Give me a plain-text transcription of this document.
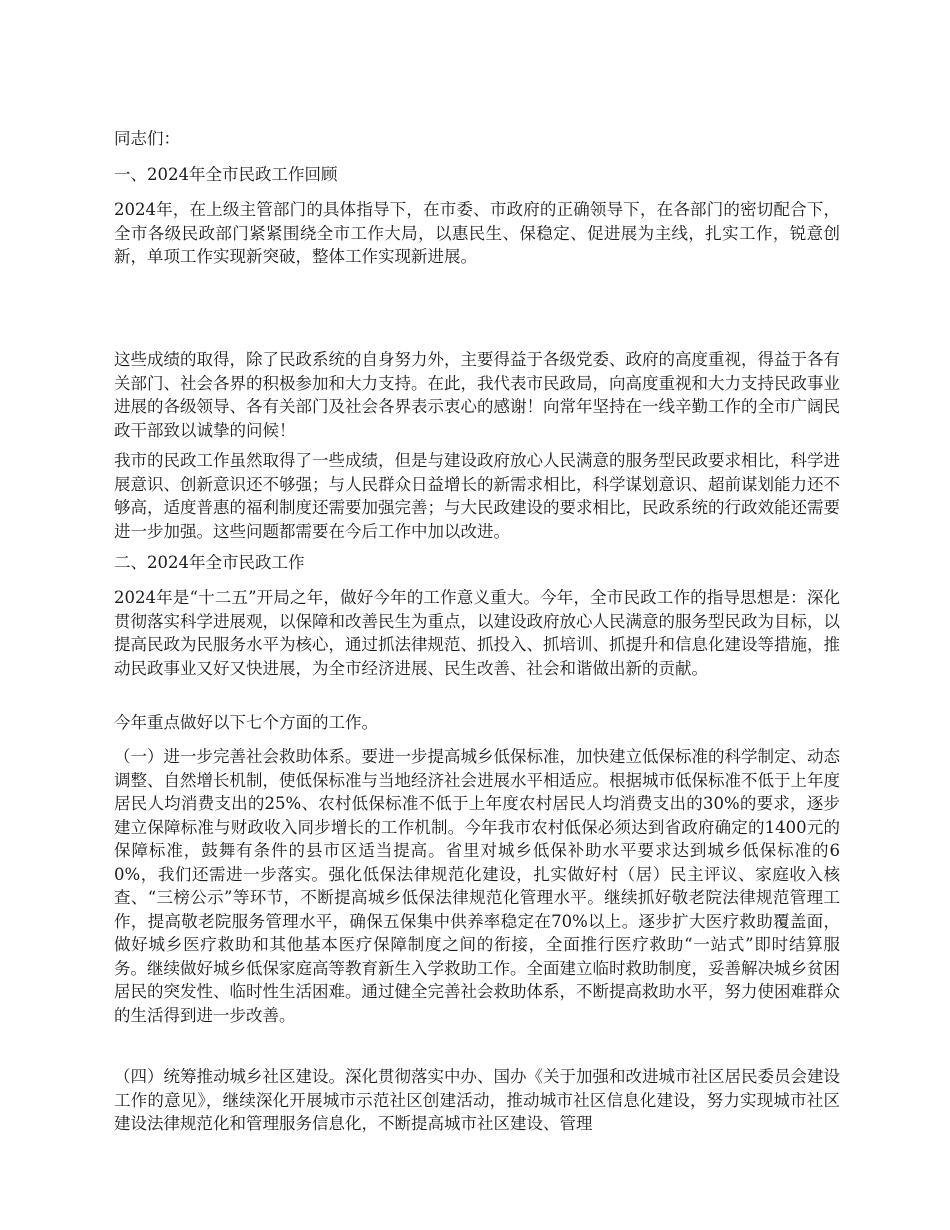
同志们：

一、2024年全市民政工作回顾

2024年，在上级主管部门的具体指导下，在市委、市政府的正确领导下，在各部门的密切配合下，全市各级民政部门紧紧围绕全市工作大局，以惠民生、保稳定、促进展为主线，扎实工作，锐意创新，单项工作实现新突破，整体工作实现新进展。

这些成绩的取得，除了民政系统的自身努力外，主要得益于各级党委、政府的高度重视，得益于各有关部门、社会各界的积极参加和大力支持。在此，我代表市民政局，向高度重视和大力支持民政事业进展的各级领导、各有关部门及社会各界表示衷心的感谢！向常年坚持在一线辛勤工作的全市广阔民政干部致以诚挚的问候！

我市的民政工作虽然取得了一些成绩，但是与建设政府放心人民满意的服务型民政要求相比，科学进展意识、创新意识还不够强；与人民群众日益增长的新需求相比，科学谋划意识、超前谋划能力还不够高，适度普惠的福利制度还需要加强完善；与大民政建设的要求相比，民政系统的行政效能还需要进一步加强。这些问题都需要在今后工作中加以改进。

二、2024年全市民政工作

2024年是“十二五”开局之年，做好今年的工作意义重大。今年，全市民政工作的指导思想是：深化贯彻落实科学进展观，以保障和改善民生为重点，以建设政府放心人民满意的服务型民政为目标，以提高民政为民服务水平为核心，通过抓法律规范、抓投入、抓培训、抓提升和信息化建设等措施，推动民政事业又好又快进展，为全市经济进展、民生改善、社会和谐做出新的贡献。

今年重点做好以下七个方面的工作。

（一）进一步完善社会救助体系。要进一步提高城乡低保标准，加快建立低保标准的科学制定、动态调整、自然增长机制，使低保标准与当地经济社会进展水平相适应。根据城市低保标准不低于上年度居民人均消费支出的25%、农村低保标准不低于上年度农村居民人均消费支出的30%的要求，逐步建立保障标准与财政收入同步增长的工作机制。今年我市农村低保必须达到省政府确定的1400元的保障标准，鼓舞有条件的县市区适当提高。省里对城乡低保补助水平要求达到城乡低保标准的60%，我们还需进一步落实。强化低保法律规范化建设，扎实做好村（居）民主评议、家庭收入核查、“三榜公示”等环节，不断提高城乡低保法律规范化管理水平。继续抓好敬老院法律规范管理工作，提高敬老院服务管理水平，确保五保集中供养率稳定在70%以上。逐步扩大医疗救助覆盖面，做好城乡医疗救助和其他基本医疗保障制度之间的衔接，全面推行医疗救助“一站式”即时结算服务。继续做好城乡低保家庭高等教育新生入学救助工作。全面建立临时救助制度，妥善解决城乡贫困居民的突发性、临时性生活困难。通过健全完善社会救助体系，不断提高救助水平，努力使困难群众的生活得到进一步改善。

（四）统筹推动城乡社区建设。深化贯彻落实中办、国办《关于加强和改进城市社区居民委员会建设工作的意见》，继续深化开展城市示范社区创建活动，推动城市社区信息化建设，努力实现城市社区建设法律规范化和管理服务信息化，不断提高城市社区建设、管理
